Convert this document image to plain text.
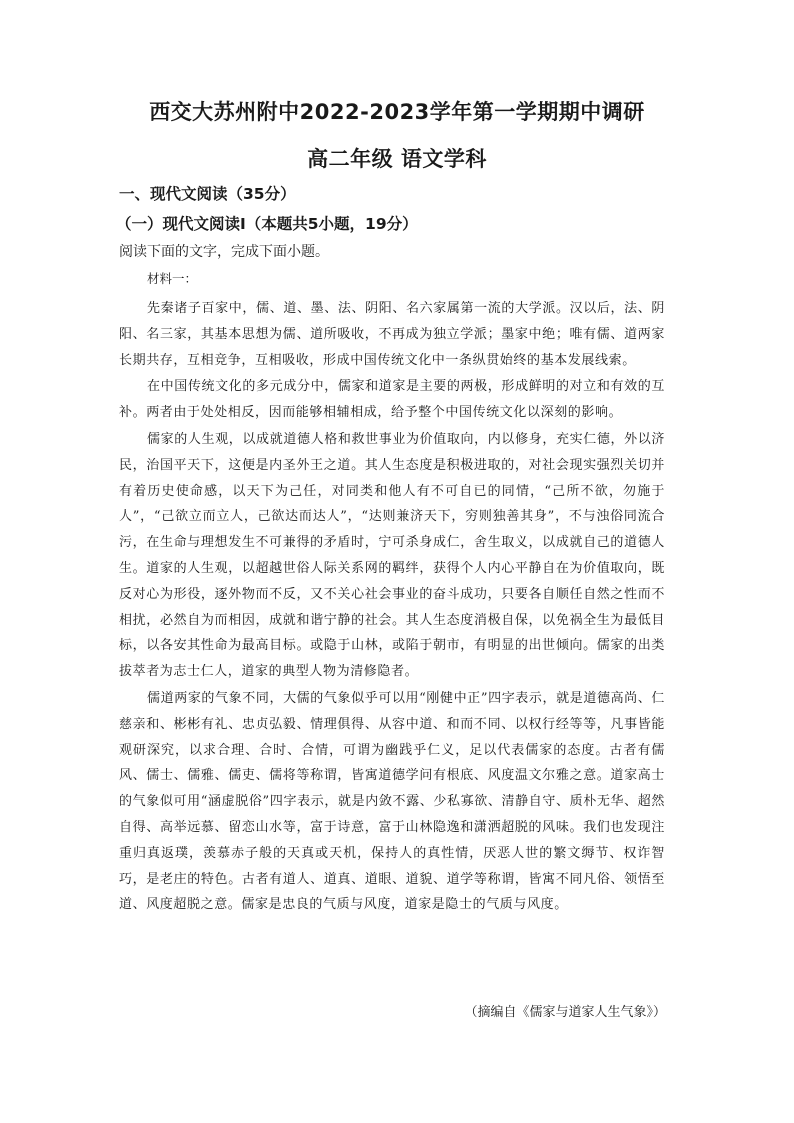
西交大苏州附中2022-2023学年第一学期期中调研
高二年级 语文学科
一、现代文阅读（35分）
（一）现代文阅读Ⅰ（本题共5小题，19分）
阅读下面的文字，完成下面小题。
材料一：

先秦诸子百家中，儒、道、墨、法、阴阳、名六家属第一流的大学派。汉以后，法、阴阳、名三家，其基本思想为儒、道所吸收，不再成为独立学派；墨家中绝；唯有儒、道两家长期共存，互相竞争，互相吸收，形成中国传统文化中一条纵贯始终的基本发展线索。

在中国传统文化的多元成分中，儒家和道家是主要的两极，形成鲜明的对立和有效的互补。两者由于处处相反，因而能够相辅相成，给予整个中国传统文化以深刻的影响。

儒家的人生观，以成就道德人格和救世事业为价值取向，内以修身，充实仁德，外以济民，治国平天下，这便是内圣外王之道。其人生态度是积极进取的，对社会现实强烈关切并有着历史使命感，以天下为己任，对同类和他人有不可自已的同情，“己所不欲，勿施于人”，“己欲立而立人，己欲达而达人”，“达则兼济天下，穷则独善其身”，不与浊俗同流合污，在生命与理想发生不可兼得的矛盾时，宁可杀身成仁，舍生取义，以成就自己的道德人生。道家的人生观，以超越世俗人际关系网的羁绊，获得个人内心平静自在为价值取向，既反对心为形役，逐外物而不反，又不关心社会事业的奋斗成功，只要各自顺任自然之性而不相扰，必然自为而相因，成就和谐宁静的社会。其人生态度消极自保，以免祸全生为最低目标，以各安其性命为最高目标。或隐于山林，或陷于朝市，有明显的出世倾向。儒家的出类拔萃者为志士仁人，道家的典型人物为清修隐者。

儒道两家的气象不同，大儒的气象似乎可以用“刚健中正”四字表示，就是道德高尚、仁慈亲和、彬彬有礼、忠贞弘毅、情理俱得、从容中道、和而不同、以权行经等等，凡事皆能观研深究，以求合理、合时、合情，可谓为幽践乎仁义，足以代表儒家的态度。古者有儒风、儒士、儒雅、儒吏、儒将等称谓，皆寓道德学问有根底、风度温文尔雅之意。道家高士的气象似可用“涵虚脱俗”四字表示，就是内敛不露、少私寡欲、清静自守、质朴无华、超然自得、高举远慕、留恋山水等，富于诗意，富于山林隐逸和潇洒超脱的风味。我们也发现注重归真返璞，羡慕赤子般的天真或天机，保持人的真性情，厌恶人世的繁文缛节、权诈智巧，是老庄的特色。古者有道人、道真、道眼、道貌、道学等称谓，皆寓不同凡俗、领悟至道、风度超脱之意。儒家是忠良的气质与风度，道家是隐士的气质与风度。

（摘编自《儒家与道家人生气象》）
